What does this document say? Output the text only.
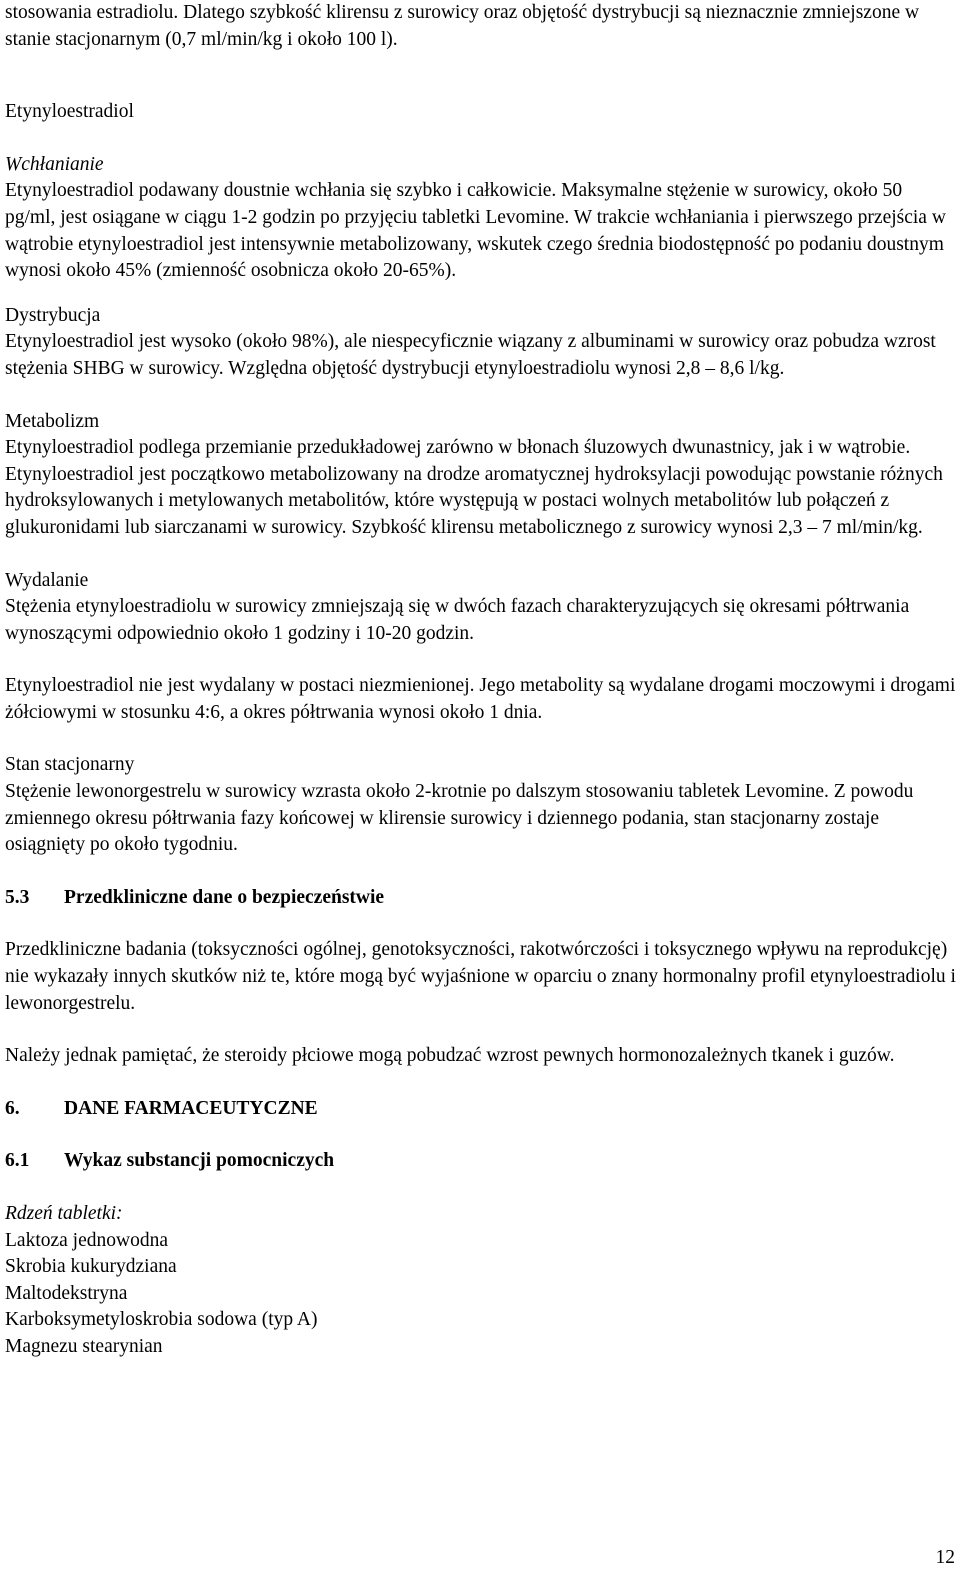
stosowania estradiolu. Dlatego szybkość klirensu z surowicy oraz objętość dystrybucji są nieznacznie zmniejszone w stanie stacjonarnym (0,7 ml/min/kg i około 100 l).

Etynyloestradiol

Wchłanianie

Etynyloestradiol podawany doustnie wchłania się szybko i całkowicie. Maksymalne stężenie w surowicy, około 50 pg/ml, jest osiągane w ciągu 1-2 godzin po przyjęciu tabletki Levomine. W trakcie wchłaniania i pierwszego przejścia w wątrobie etynyloestradiol jest intensywnie metabolizowany, wskutek czego średnia biodostępność po podaniu doustnym wynosi około 45% (zmienność osobnicza około 20-65%).

Dystrybucja

Etynyloestradiol jest wysoko (około 98%), ale niespecyficznie wiązany z albuminami w surowicy oraz pobudza wzrost stężenia SHBG w surowicy. Względna objętość dystrybucji etynyloestradiolu wynosi 2,8 – 8,6 l/kg.

Metabolizm

Etynyloestradiol podlega przemianie przedukładowej zarówno w błonach śluzowych dwunastnicy, jak i w wątrobie. Etynyloestradiol jest początkowo metabolizowany na drodze aromatycznej hydroksylacji powodując powstanie różnych hydroksylowanych i metylowanych metabolitów, które występują w postaci wolnych metabolitów lub połączeń z glukuronidami lub siarczanami w surowicy. Szybkość klirensu metabolicznego z surowicy wynosi 2,3 – 7 ml/min/kg.

Wydalanie

Stężenia etynyloestradiolu w surowicy zmniejszają się w dwóch fazach charakteryzujących się okresami półtrwania wynoszącymi odpowiednio około 1 godziny i 10-20 godzin.

Etynyloestradiol nie jest wydalany w postaci niezmienionej. Jego metabolity są wydalane drogami moczowymi i drogami żółciowymi w stosunku 4:6, a okres półtrwania wynosi około 1 dnia.

Stan stacjonarny

Stężenie lewonorgestrelu w surowicy wzrasta około 2-krotnie po dalszym stosowaniu tabletek Levomine. Z powodu zmiennego okresu półtrwania fazy końcowej w klirensie surowicy i dziennego podania, stan stacjonarny zostaje osiągnięty po około tygodniu.

5.3	Przedkliniczne dane o bezpieczeństwie

Przedkliniczne badania (toksyczności ogólnej, genotoksyczności, rakotwórczości i toksycznego wpływu na reprodukcję) nie wykazały innych skutków niż te, które mogą być wyjaśnione w oparciu o znany hormonalny profil etynyloestradiolu i lewonorgestrelu.

Należy jednak pamiętać, że steroidy płciowe mogą pobudzać wzrost pewnych hormonozależnych tkanek i guzów.

6.	DANE FARMACEUTYCZNE
6.1	Wykaz substancji pomocniczych

Rdzeń tabletki:

Laktoza jednowodna

Skrobia kukurydziana

Maltodekstryna

Karboksymetyloskrobia sodowa (typ A)

Magnezu stearynian

12
